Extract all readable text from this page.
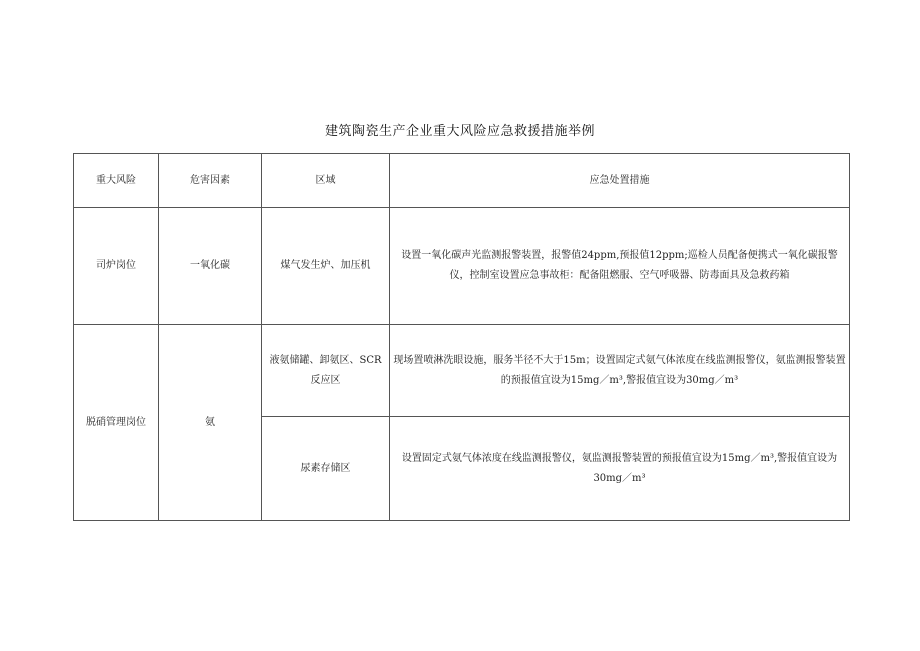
建筑陶瓷生产企业重大风险应急救援措施举例
重大风险	危害因素	区域	应急处置措施
司炉岗位	一氧化碳	煤气发生炉、加压机	设置一氧化碳声光监测报警装置，报警值24ppm,预报值12ppm;巡检人员配备便携式一氧化碳报警仪，控制室设置应急事故柜：配备阻燃服、空气呼吸器、防毒面具及急救药箱
脱硝管理岗位	氨	液氨储罐、卸氨区、SCR反应区	现场置喷淋洗眼设施，服务半径不大于15m；设置固定式氨气体浓度在线监测报警仪，氨监测报警装置的预报值宜设为15mg／m³,警报值宜设为30mg／m³
		尿素存储区	设置固定式氨气体浓度在线监测报警仪，氨监测报警装置的预报值宜设为15mg／m³,警报值宜设为30mg／m³
